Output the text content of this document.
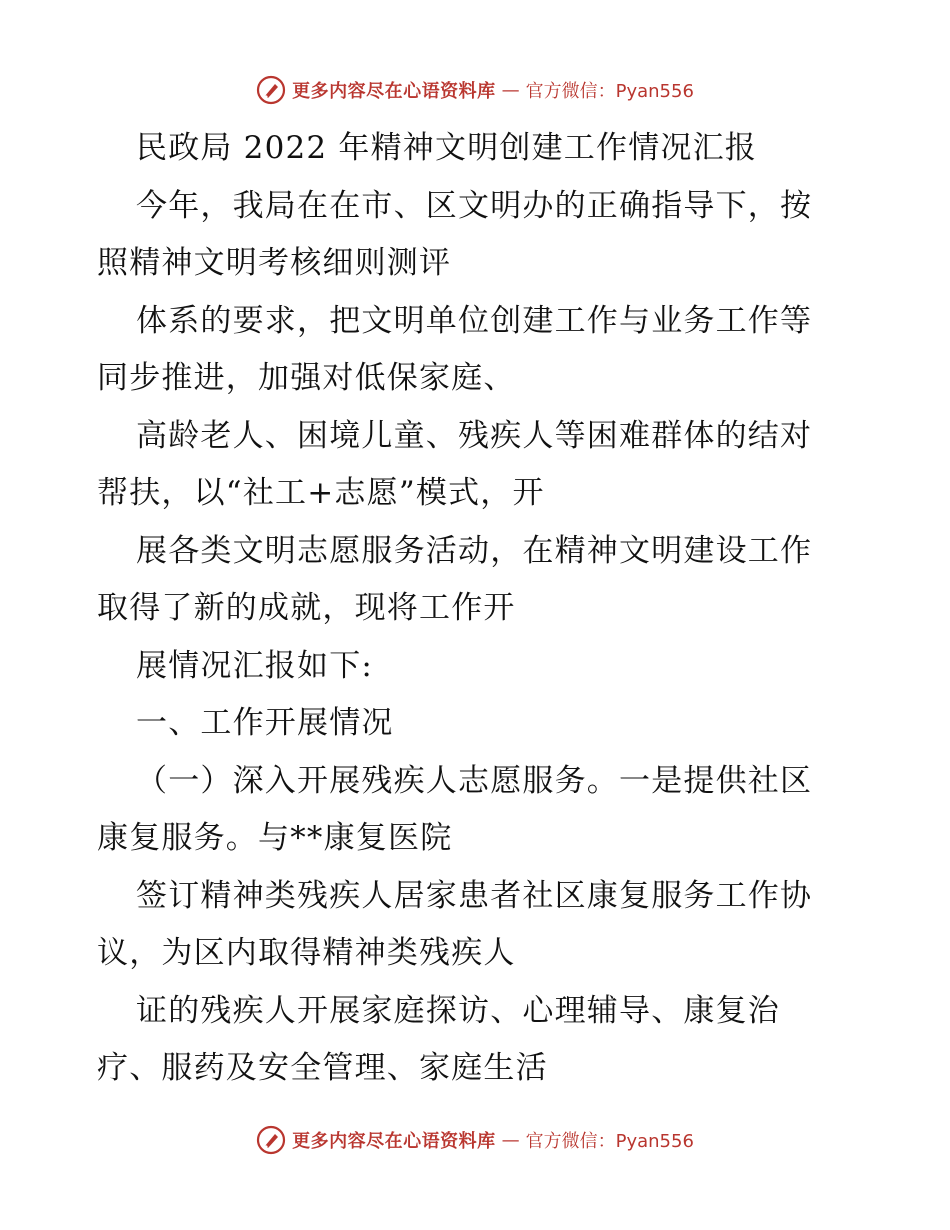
更多内容尽在心语资料库 — 官方微信：Pyan556
民政局 2022 年精神文明创建工作情况汇报
今年，我局在在市、区文明办的正确指导下，按
照精神文明考核细则测评
体系的要求，把文明单位创建工作与业务工作等
同步推进，加强对低保家庭、
高龄老人、困境儿童、残疾人等困难群体的结对
帮扶，以“社工+志愿”模式，开
展各类文明志愿服务活动，在精神文明建设工作
取得了新的成就，现将工作开
展情况汇报如下:
一、工作开展情况
（一）深入开展残疾人志愿服务。一是提供社区
康复服务。与**康复医院
签订精神类残疾人居家患者社区康复服务工作协
议，为区内取得精神类残疾人
证的残疾人开展家庭探访、心理辅导、康复治
疗、服药及安全管理、家庭生活
更多内容尽在心语资料库 — 官方微信：Pyan556
